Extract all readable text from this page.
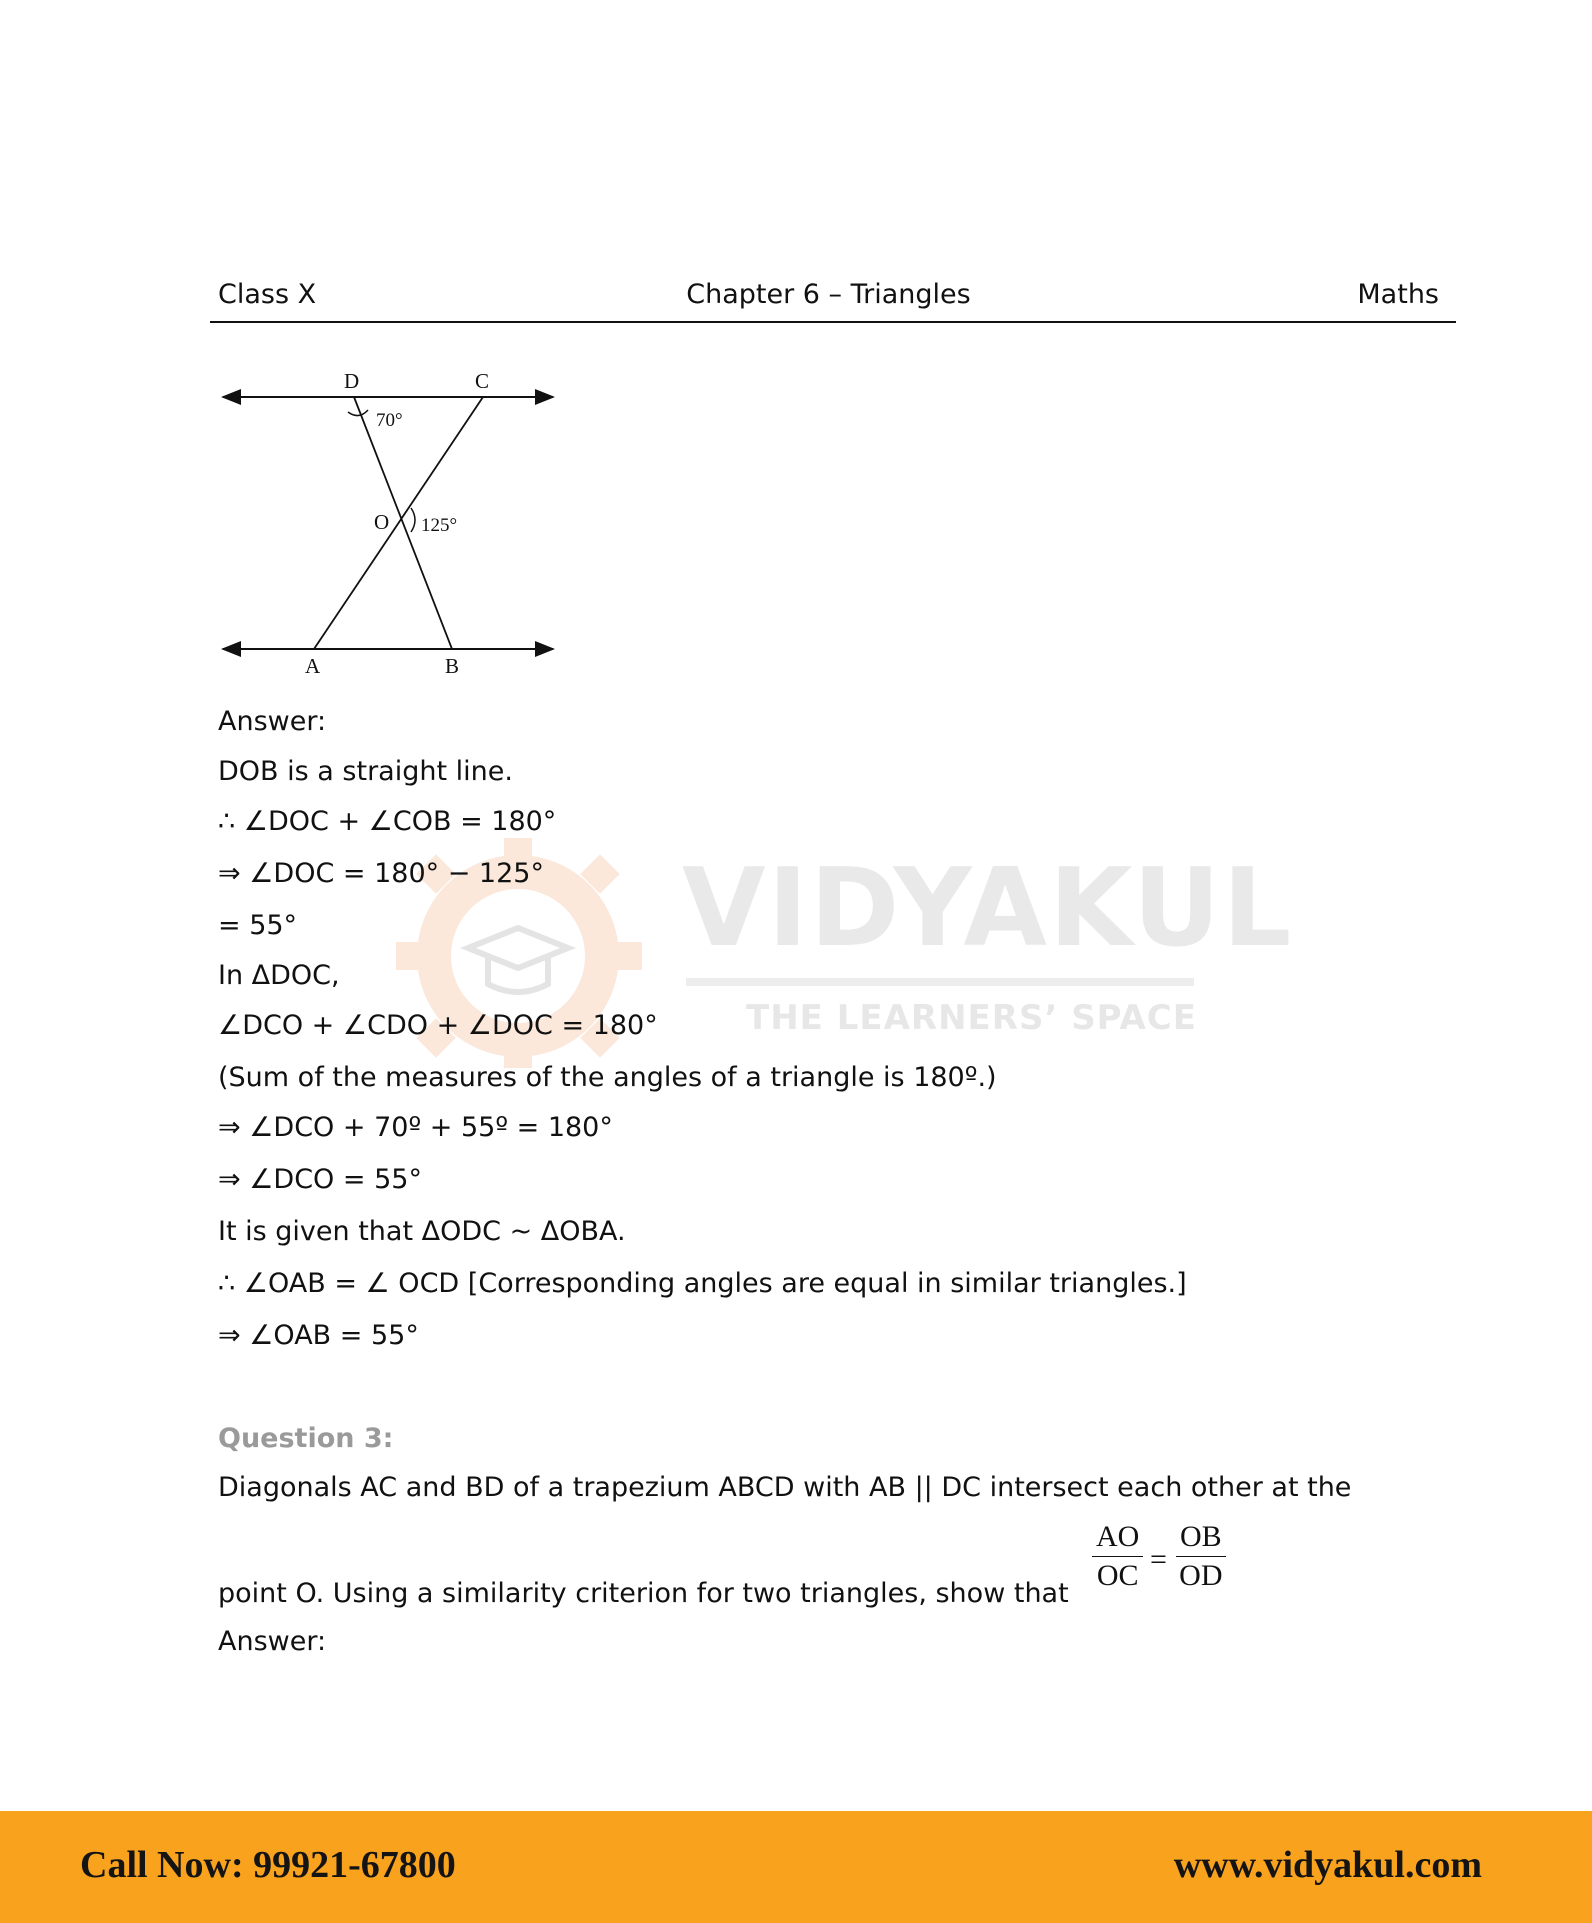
Class X	Chapter 6 – Triangles	Maths
D	C
70°
O 125°
A	B
VIDYAKUL
THE LEARNERS’ SPACE
Answer:
DOB is a straight line.
∴ ∠DOC + ∠COB = 180°
⇒ ∠DOC = 180° − 125°
= 55°
In ΔDOC,
∠DCO + ∠CDO + ∠DOC = 180°
(Sum of the measures of the angles of a triangle is 180º.)
⇒ ∠DCO + 70º + 55º = 180°
⇒ ∠DCO = 55°
It is given that ΔODC ~ ΔOBA.
∴ ∠OAB = ∠ OCD [Corresponding angles are equal in similar triangles.]
⇒ ∠OAB = 55°
Question 3:
Diagonals AC and BD of a trapezium ABCD with AB || DC intersect each other at the
point O. Using a similarity criterion for two triangles, show that
Answer:
$\frac{AO}{OC} = \frac{OB}{OD}$
Call Now: 99921-67800	www.vidyakul.com
